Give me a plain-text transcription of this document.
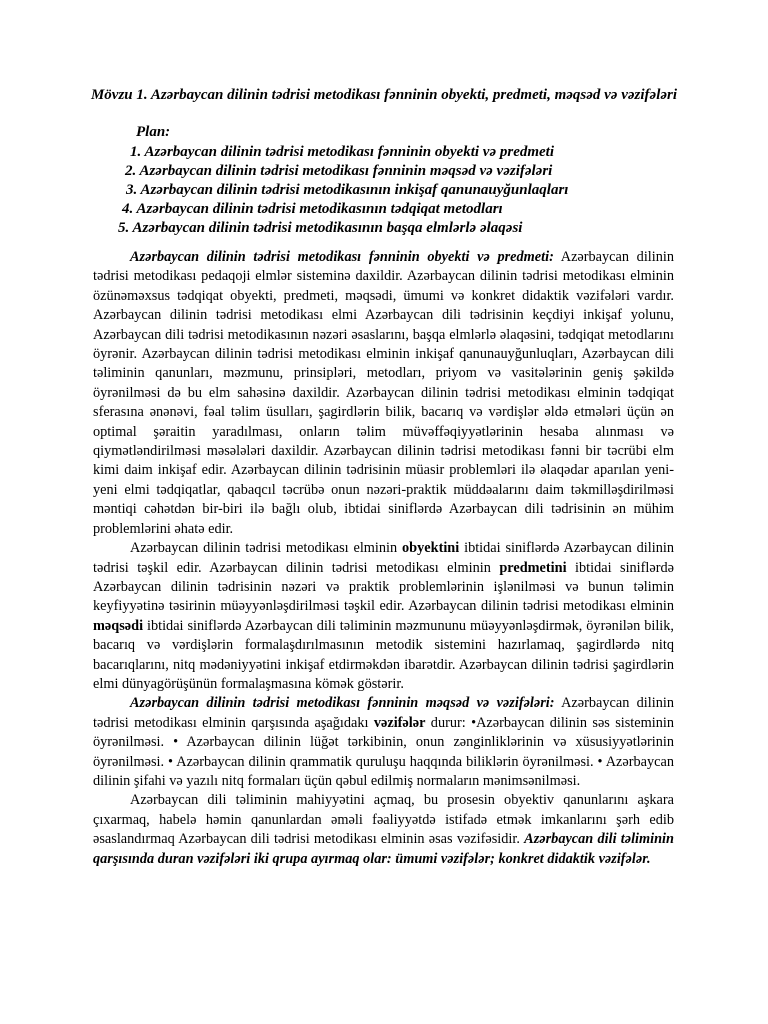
Mövzu 1. Azərbaycan dilinin tədrisi metodikası fənninin obyekti, predmeti, məqsəd və vəzifələri
Plan:
1. Azərbaycan dilinin tədrisi metodikası fənninin obyekti və predmeti
2. Azərbaycan dilinin tədrisi metodikası fənninin məqsəd və vəzifələri
3. Azərbaycan dilinin tədrisi metodikasının inkişaf qanunauyğunlaqları
4. Azərbaycan dilinin tədrisi metodikasının tədqiqat metodları
5. Azərbaycan dilinin tədrisi metodikasının başqa elmlərlə əlaqəsi

Azərbaycan dilinin tədrisi metodikası fənninin obyekti və predmeti: Azərbaycan dilinin tədrisi metodikası pedaqoji elmlər sisteminə daxildir. Azərbaycan dilinin tədrisi metodikası elminin özünəməxsus tədqiqat obyekti, predmeti, məqsədi, ümumi və konkret didaktik vəzifələri vardır. Azərbaycan dilinin tədrisi metodikası elmi Azərbaycan dili tədrisinin keçdiyi inkişaf yolunu, Azərbaycan dili tədrisi metodikasının nəzəri əsaslarını, başqa elmlərlə əlaqəsini, tədqiqat metodlarını öyrənir. Azərbaycan dilinin tədrisi metodikası elminin inkişaf qanunauyğunluqları, Azərbaycan dili təliminin qanunları, məzmunu, prinsipləri, metodları, priyom və vasitələrinin geniş şəkildə öyrənilməsi də bu elm sahəsinə daxildir. Azərbaycan dilinin tədrisi metodikası elminin tədqiqat sferasına ənənəvi, fəal təlim üsulları, şagirdlərin bilik, bacarıq və vərdişlər əldə etmələri üçün ən optimal şəraitin yaradılması, onların təlim müvəffəqiyyətlərinin hesaba alınması və qiymətləndirilməsi məsələləri daxildir. Azərbaycan dilinin tədrisi metodikası fənni bir təcrübi elm kimi daim inkişaf edir. Azərbaycan dilinin tədrisinin müasir problemləri ilə əlaqədar aparılan yeni-yeni elmi tədqiqatlar, qabaqcıl təcrübə onun nəzəri-praktik müddəalarını daim təkmilləşdirilməsi məntiqi cəhətdən bir-biri ilə bağlı olub, ibtidai siniflərdə Azərbaycan dili tədrisinin ən mühim problemlərini əhatə edir.

Azərbaycan dilinin tədrisi metodikası elminin obyektini ibtidai siniflərdə Azərbaycan dilinin tədrisi təşkil edir. Azərbaycan dilinin tədrisi metodikası elminin predmetini ibtidai siniflərdə Azərbaycan dilinin tədrisinin nəzəri və praktik problemlərinin işlənilməsi və bunun təlimin keyfiyyətinə təsirinin müəyyənləşdirilməsi təşkil edir. Azərbaycan dilinin tədrisi metodikası elminin məqsədi ibtidai siniflərdə Azərbaycan dili təliminin məzmununu müəyyənləşdirmək, öyrənilən bilik, bacarıq və vərdişlərin formalaşdırılmasının metodik sistemini hazırlamaq, şagirdlərdə nitq bacarıqlarını, nitq mədəniyyətini inkişaf etdirməkdən ibarətdir. Azərbaycan dilinin tədrisi şagirdlərin elmi dünyagörüşünün formalaşmasına kömək göstərir.

Azərbaycan dilinin tədrisi metodikası fənninin məqsəd və vəzifələri: Azərbaycan dilinin tədrisi metodikası elminin qarşısında aşağıdakı vəzifələr durur: •Azərbaycan dilinin səs sisteminin öyrənilməsi. • Azərbaycan dilinin lüğət tərkibinin, onun zənginliklərinin və xüsusiyyətlərinin öyrənilməsi. • Azərbaycan dilinin qrammatik quruluşu haqqında biliklərin öyrənilməsi. • Azərbaycan dilinin şifahi və yazılı nitq formaları üçün qəbul edilmiş normaların mənimsənilməsi.

Azərbaycan dili təliminin mahiyyətini açmaq, bu prosesin obyektiv qanunlarını aşkara çıxarmaq, habelə həmin qanunlardan əməli fəaliyyətdə istifadə etmək imkanlarını şərh edib əsaslandırmaq Azərbaycan dili tədrisi metodikası elminin əsas vəzifəsidir. Azərbaycan dili təliminin qarşısında duran vəzifələri iki qrupa ayırmaq olar: ümumi vəzifələr; konkret didaktik vəzifələr.
